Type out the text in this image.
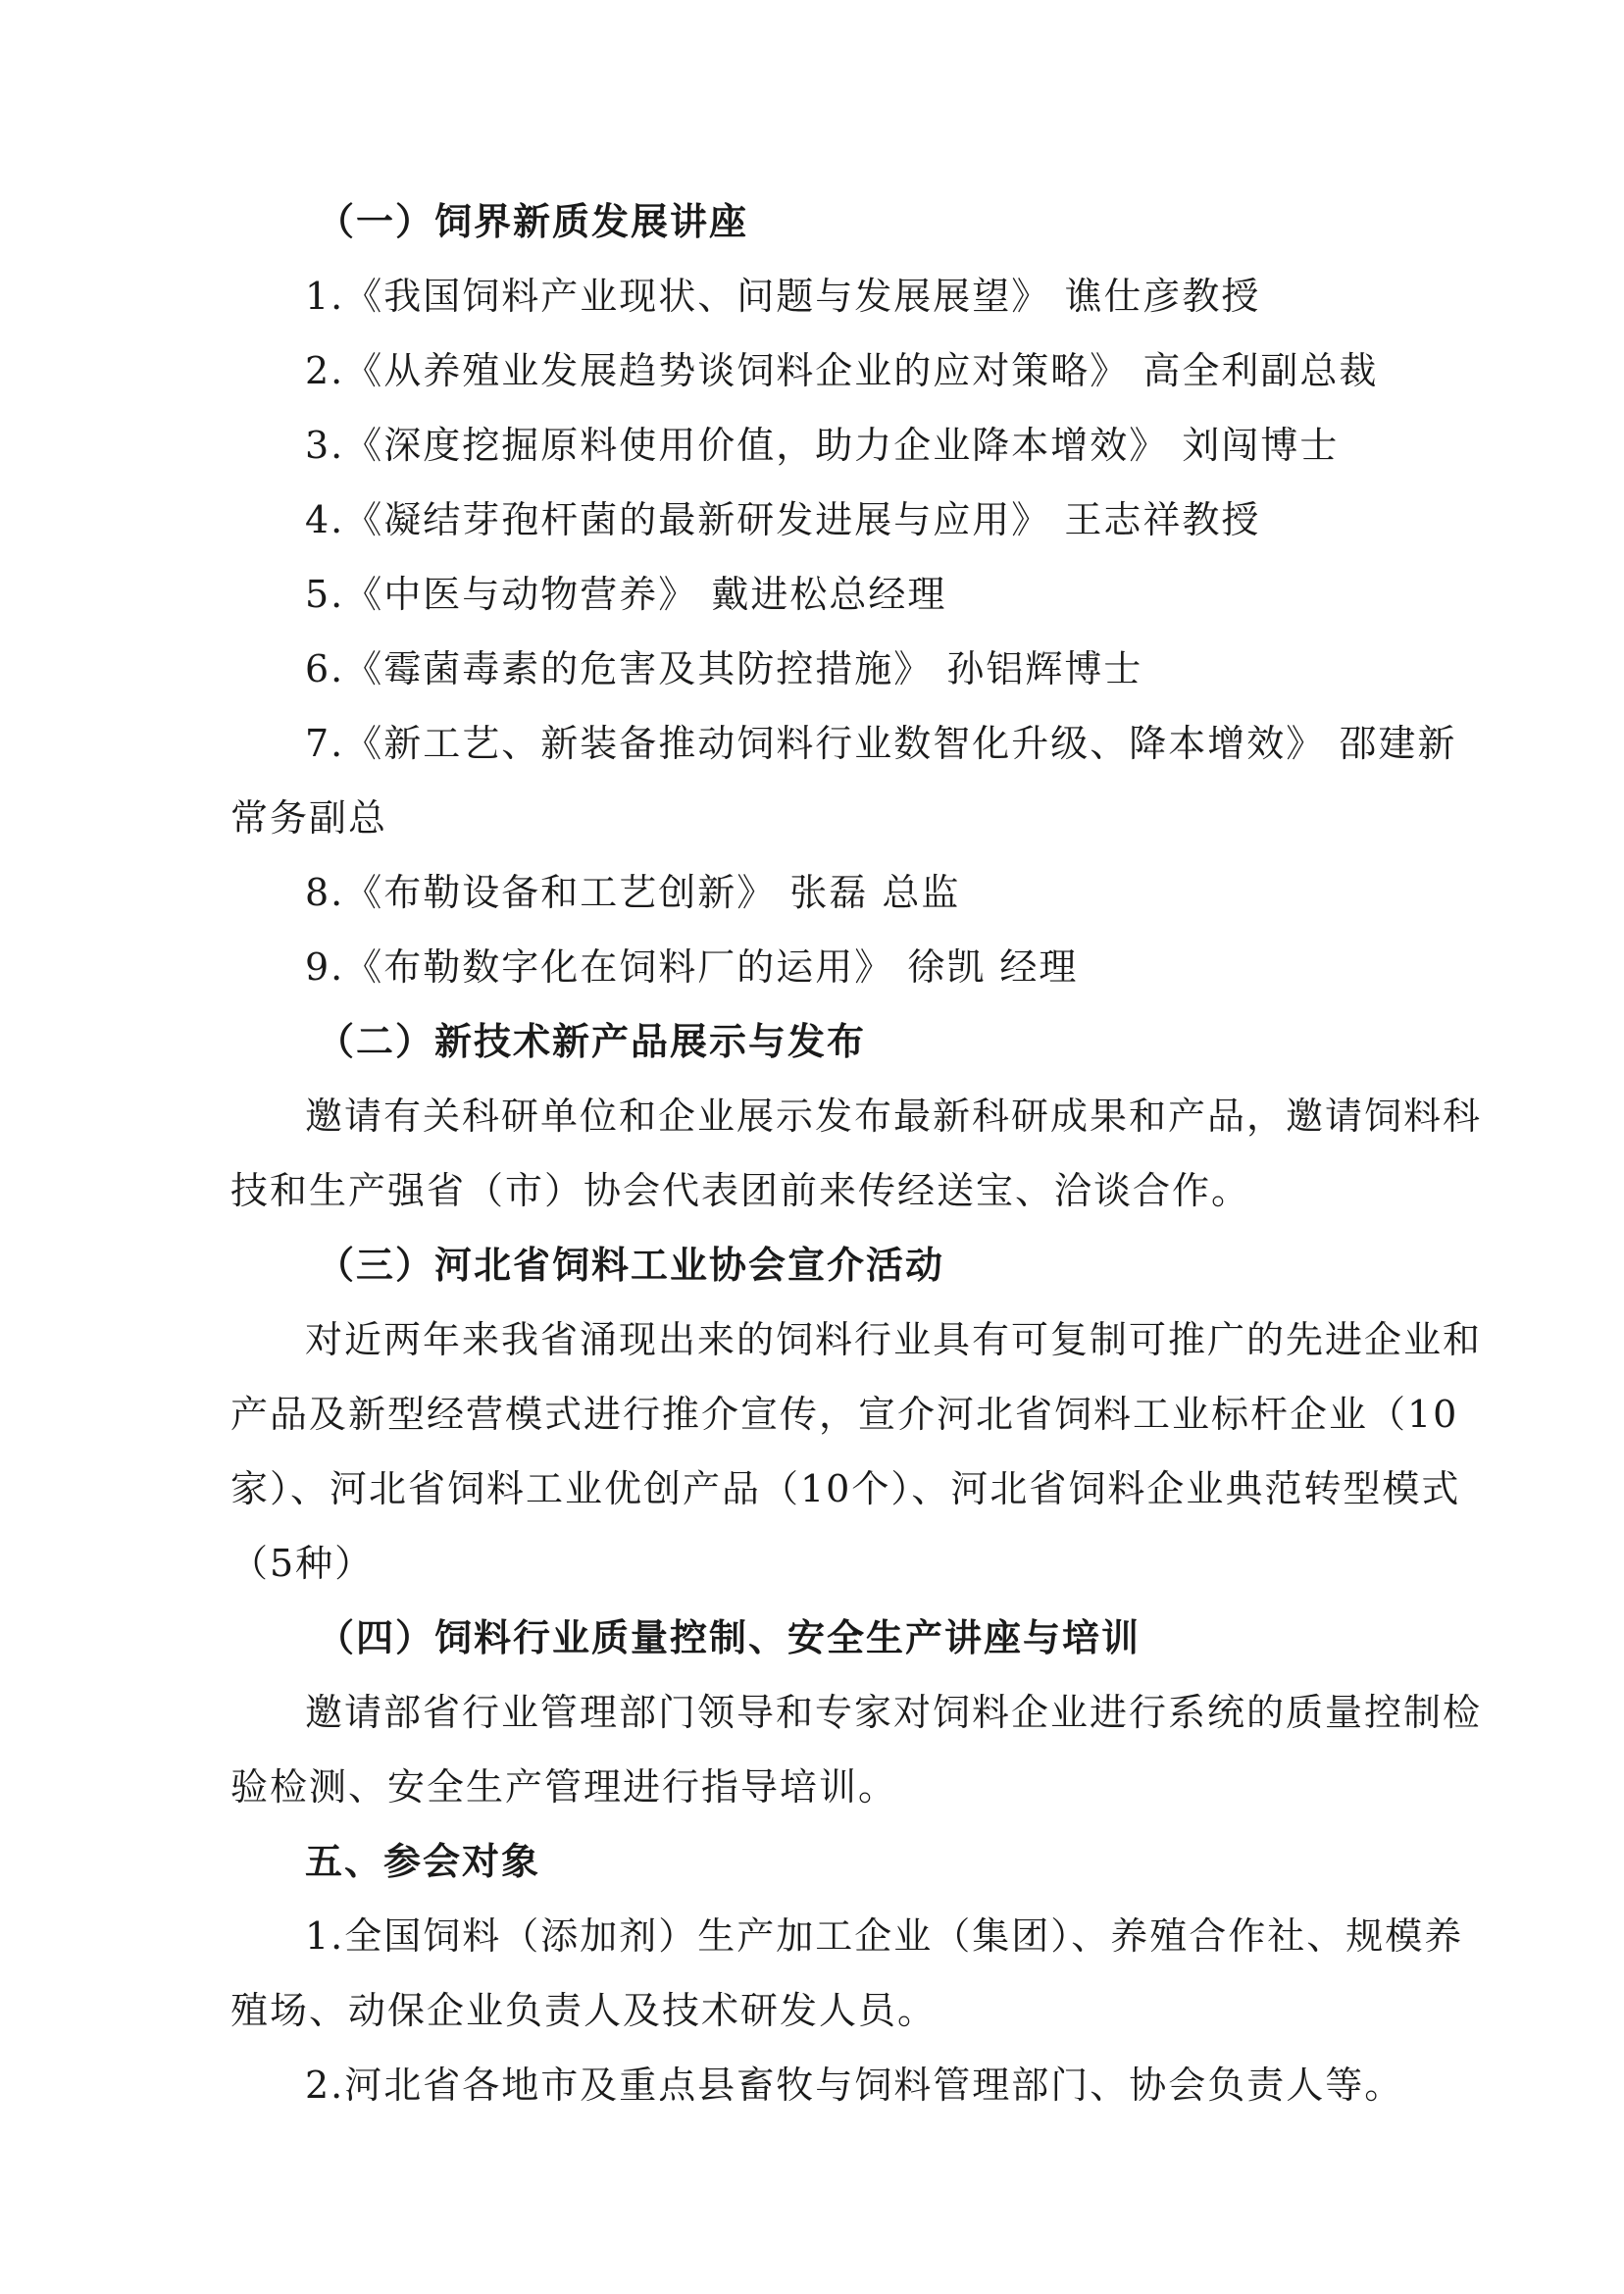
（一）饲界新质发展讲座
1.《我国饲料产业现状、问题与发展展望》 谯仕彦教授
2.《从养殖业发展趋势谈饲料企业的应对策略》 高全利副总裁
3.《深度挖掘原料使用价值，助力企业降本增效》 刘闯博士
4.《凝结芽孢杆菌的最新研发进展与应用》 王志祥教授
5.《中医与动物营养》 戴进松总经理
6.《霉菌毒素的危害及其防控措施》 孙铝辉博士
7.《新工艺、新装备推动饲料行业数智化升级、降本增效》 邵建新
常务副总
8.《布勒设备和工艺创新》 张磊 总监
9.《布勒数字化在饲料厂的运用》 徐凯 经理
（二）新技术新产品展示与发布
邀请有关科研单位和企业展示发布最新科研成果和产品，邀请饲料科
技和生产强省（市）协会代表团前来传经送宝、洽谈合作。
（三）河北省饲料工业协会宣介活动
对近两年来我省涌现出来的饲料行业具有可复制可推广的先进企业和
产品及新型经营模式进行推介宣传，宣介河北省饲料工业标杆企业（10
家）、河北省饲料工业优创产品（10个）、河北省饲料企业典范转型模式
（5种）
（四）饲料行业质量控制、安全生产讲座与培训
邀请部省行业管理部门领导和专家对饲料企业进行系统的质量控制检
验检测、安全生产管理进行指导培训。
五、参会对象
1.全国饲料（添加剂）生产加工企业（集团）、养殖合作社、规模养
殖场、动保企业负责人及技术研发人员。
2.河北省各地市及重点县畜牧与饲料管理部门、协会负责人等。
